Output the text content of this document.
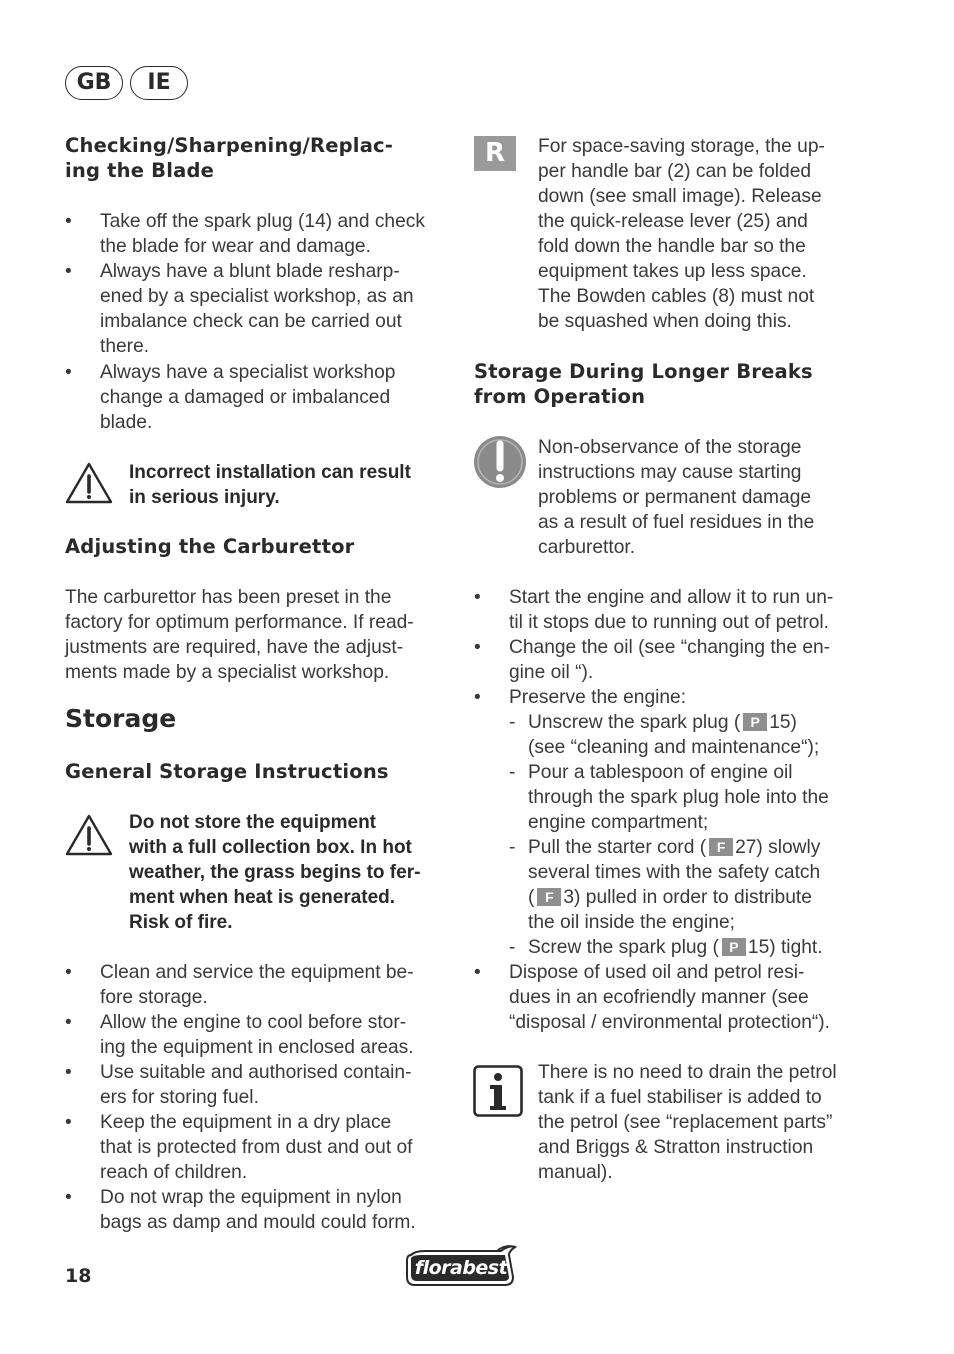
GB	IE
Checking/Sharpening/Replac-
ing the Blade
• Take off the spark plug (14) and check
the blade for wear and damage.
• Always have a blunt blade resharp-
ened by a specialist workshop, as an
imbalance check can be carried out
there.
• Always have a specialist workshop
change a damaged or imbalanced
blade.
Incorrect installation can result
in serious injury.
Adjusting the Carburettor
The carburettor has been preset in the
factory for optimum performance. If read-
justments are required, have the adjust-
ments made by a specialist workshop.
Storage
General Storage Instructions
Do not store the equipment
with a full collection box. In hot
weather, the grass begins to fer-
ment when heat is generated.
Risk of fire.
• Clean and service the equipment be-
fore storage.
• Allow the engine to cool before stor-
ing the equipment in enclosed areas.
• Use suitable and authorised contain-
ers for storing fuel.
• Keep the equipment in a dry place
that is protected from dust and out of
reach of children.
• Do not wrap the equipment in nylon
bags as damp and mould could form.
R	For space-saving storage, the up-
per handle bar (2) can be folded
down (see small image). Release
the quick-release lever (25) and
fold down the handle bar so the
equipment takes up less space.
The Bowden cables (8) must not
be squashed when doing this.
Storage During Longer Breaks
from Operation
Non-observance of the storage
instructions may cause starting
problems or permanent damage
as a result of fuel residues in the
carburettor.
• Start the engine and allow it to run un-
til it stops due to running out of petrol.
• Change the oil (see “changing the en-
gine oil “).
• Preserve the engine:
- Unscrew the spark plug ( P 15)
(see “cleaning and maintenance“);
- Pour a tablespoon of engine oil
through the spark plug hole into the
engine compartment;
- Pull the starter cord ( F 27) slowly
several times with the safety catch
( F 3) pulled in order to distribute
the oil inside the engine;
- Screw the spark plug ( P 15) tight.
• Dispose of used oil and petrol resi-
dues in an ecofriendly manner (see
“disposal / environmental protection“).
There is no need to drain the petrol
tank if a fuel stabiliser is added to
the petrol (see “replacement parts”
and Briggs & Stratton instruction
manual).
18	florabest
